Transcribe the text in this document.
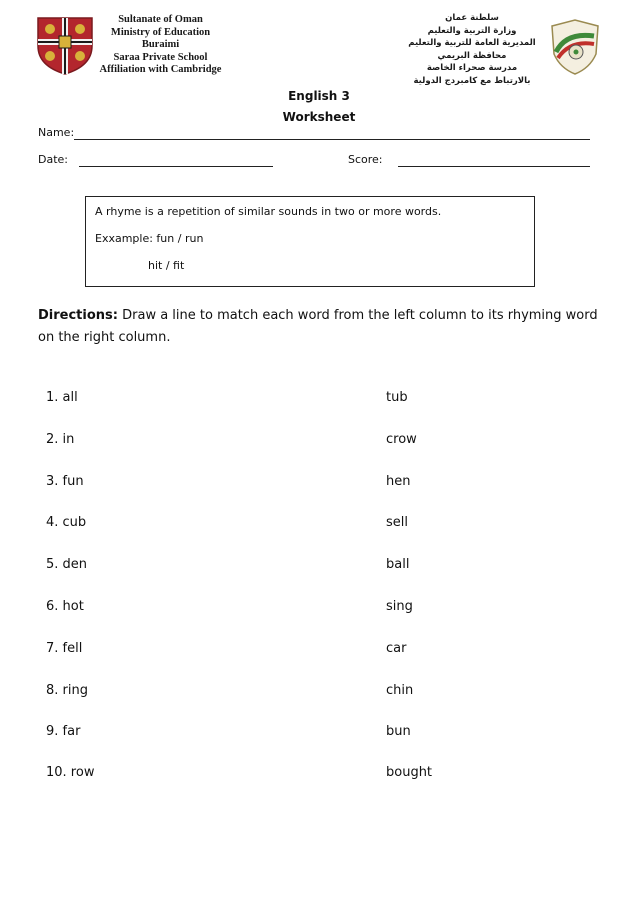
Sultanate of Oman
Ministry of Education
Buraimi
Saraa Private School
Affiliation with Cambridge
سلطنة عمان
وزارة التربية والتعليم
المديرية العامة للتربية والتعليم
محافظة البريمي
مدرسة صحراء الخاصة
بالارتباط مع كامبردج الدولية
English 3
Worksheet
Name:
Date:	Score:
A rhyme is a repetition of similar sounds in two or more words.
Exxample: fun / run
hit / fit
Directions: Draw a line to match each word from the left column to its rhyming word on the right column.
1. all
2. in
3. fun
4. cub
5. den
6. hot
7. fell
8. ring
9. far
10. row
tub
crow
hen
sell
ball
sing
car
chin
bun
bought
